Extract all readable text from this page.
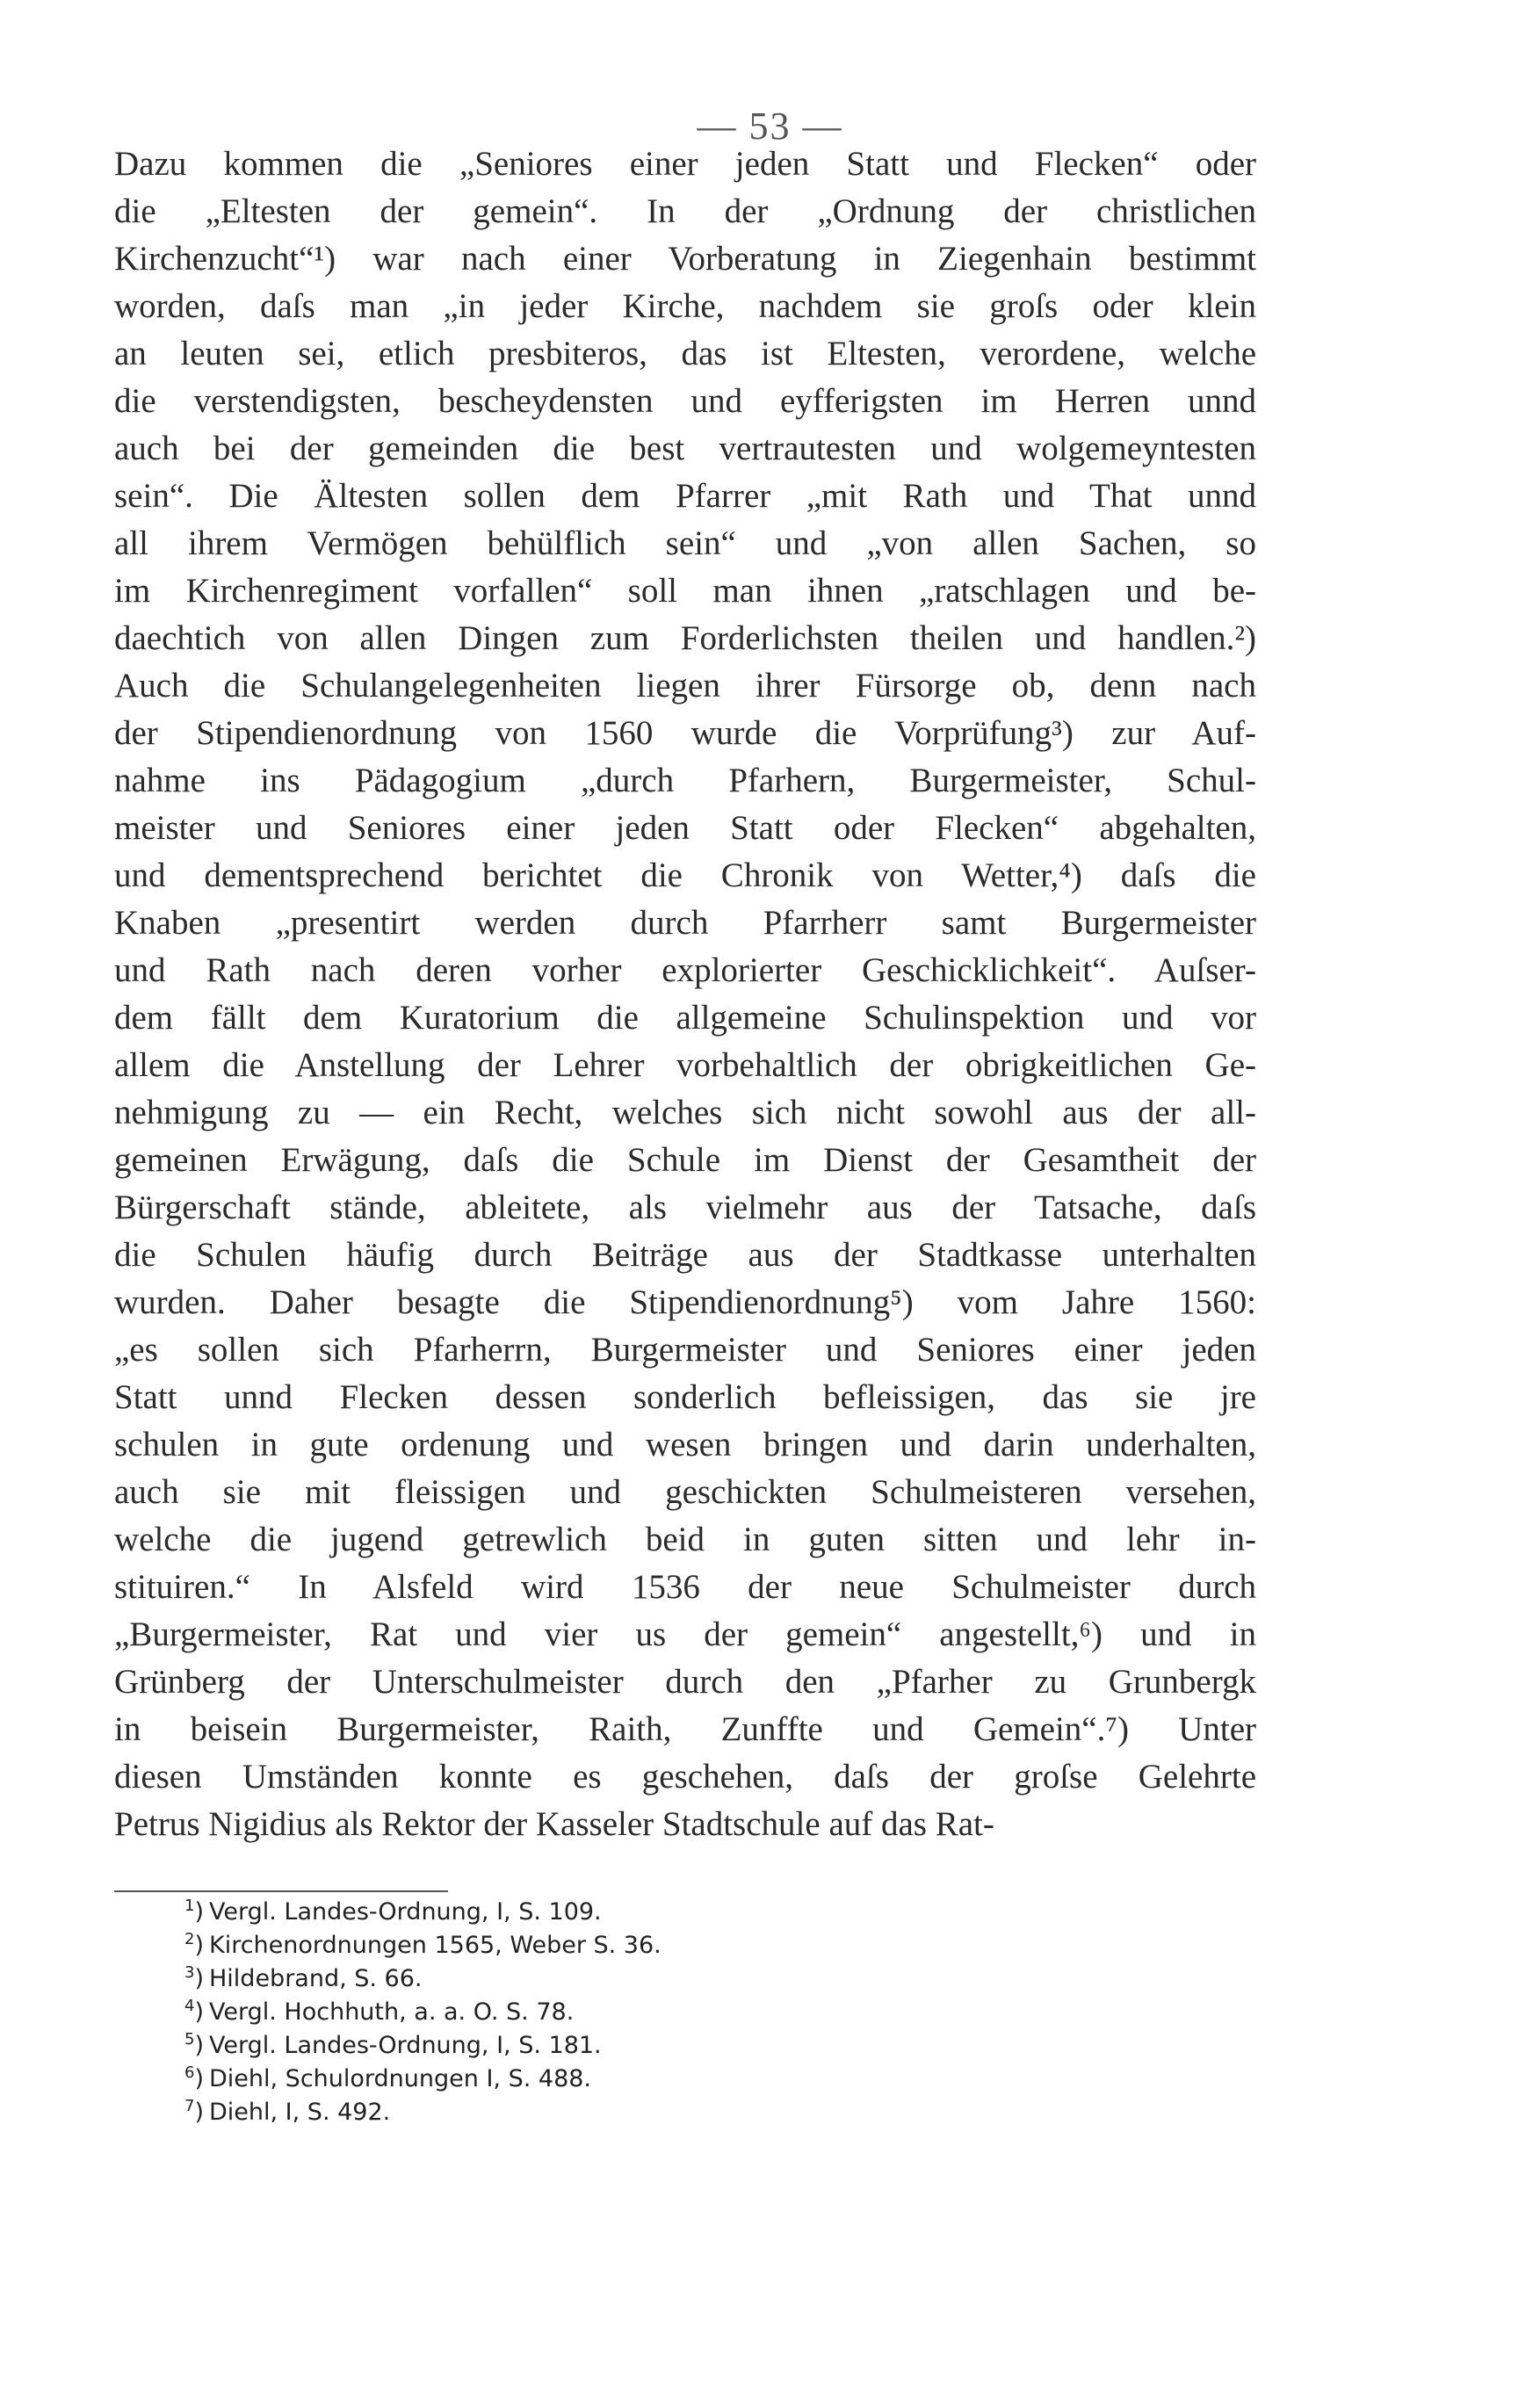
— 53 —
Dazu kommen die „Seniores einer jeden Statt und Flecken“ oder
die „Eltesten der gemein“. In der „Ordnung der christlichen
Kirchenzucht“¹) war nach einer Vorberatung in Ziegenhain bestimmt
worden, daſs man „in jeder Kirche, nachdem sie groſs oder klein
an leuten sei, etlich presbiteros, das ist Eltesten, verordene, welche
die verstendigsten, bescheydensten und eyfferigsten im Herren unnd
auch bei der gemeinden die best vertrautesten und wolgemeyntesten
sein“. Die Ältesten sollen dem Pfarrer „mit Rath und That unnd
all ihrem Vermögen behülflich sein“ und „von allen Sachen, so
im Kirchenregiment vorfallen“ soll man ihnen „ratschlagen und be-
daechtich von allen Dingen zum Forderlichsten theilen und handlen.²)
Auch die Schulangelegenheiten liegen ihrer Fürsorge ob, denn nach
der Stipendienordnung von 1560 wurde die Vorprüfung³) zur Auf-
nahme ins Pädagogium „durch Pfarhern, Burgermeister, Schul-
meister und Seniores einer jeden Statt oder Flecken“ abgehalten,
und dementsprechend berichtet die Chronik von Wetter,⁴) daſs die
Knaben „presentirt werden durch Pfarrherr samt Burgermeister
und Rath nach deren vorher explorierter Geschicklichkeit“. Auſser-
dem fällt dem Kuratorium die allgemeine Schulinspektion und vor
allem die Anstellung der Lehrer vorbehaltlich der obrigkeitlichen Ge-
nehmigung zu — ein Recht, welches sich nicht sowohl aus der all-
gemeinen Erwägung, daſs die Schule im Dienst der Gesamtheit der
Bürgerschaft stände, ableitete, als vielmehr aus der Tatsache, daſs
die Schulen häufig durch Beiträge aus der Stadtkasse unterhalten
wurden. Daher besagte die Stipendienordnung⁵) vom Jahre 1560:
„es sollen sich Pfarherrn, Burgermeister und Seniores einer jeden
Statt unnd Flecken dessen sonderlich befleissigen, das sie jre
schulen in gute ordenung und wesen bringen und darin underhalten,
auch sie mit fleissigen und geschickten Schulmeisteren versehen,
welche die jugend getrewlich beid in guten sitten und lehr in-
stituiren.“ In Alsfeld wird 1536 der neue Schulmeister durch
„Burgermeister, Rat und vier us der gemein“ angestellt,⁶) und in
Grünberg der Unterschulmeister durch den „Pfarher zu Grunbergk
in beisein Burgermeister, Raith, Zunffte und Gemein“.⁷) Unter
diesen Umständen konnte es geschehen, daſs der groſse Gelehrte
Petrus Nigidius als Rektor der Kasseler Stadtschule auf das Rat-
$^1$) Vergl. Landes-Ordnung, I, S. 109.
$^2$) Kirchenordnungen 1565, Weber S. 36.
$^3$) Hildebrand, S. 66.
$^4$) Vergl. Hochhuth, a. a. O. S. 78.
$^5$) Vergl. Landes-Ordnung, I, S. 181.
$^6$) Diehl, Schulordnungen I, S. 488.
$^7$) Diehl, I, S. 492.
